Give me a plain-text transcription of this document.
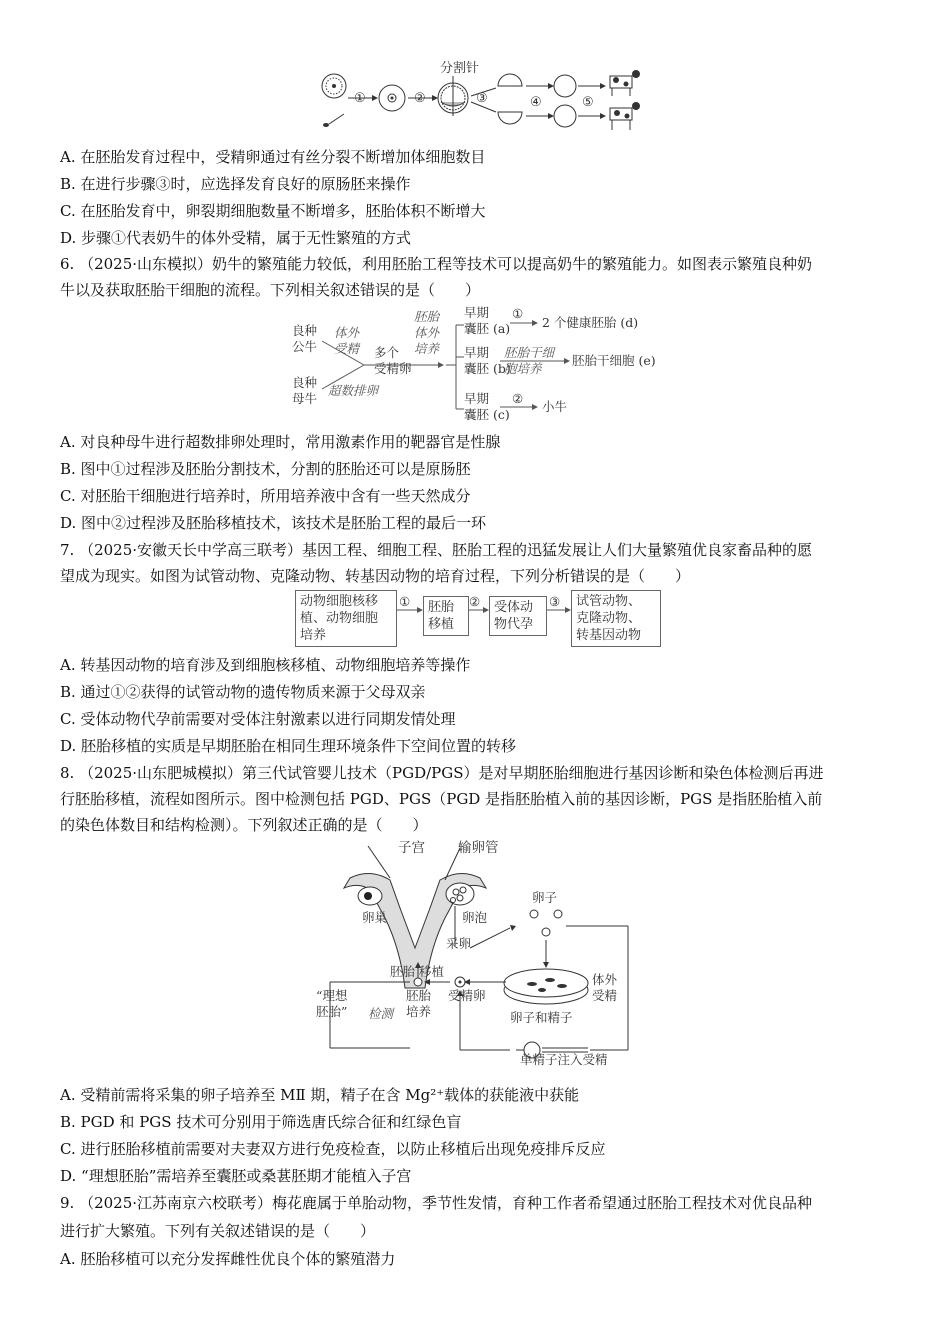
①	②
分割针
③	④	⑤
A. 在胚胎发育过程中，受精卵通过有丝分裂不断增加体细胞数目
B. 在进行步骤③时，应选择发育良好的原肠胚来操作
C. 在胚胎发育中，卵裂期细胞数量不断增多，胚胎体积不断增大
D. 步骤①代表奶牛的体外受精，属于无性繁殖的方式
6. （2025·山东模拟）奶牛的繁殖能力较低，利用胚胎工程等技术可以提高奶牛的繁殖能力。如图表示繁殖良种奶
牛以及获取胚胎干细胞的流程。下列相关叙述错误的是（　　）
良种
公牛
良种
母牛
体外
受精
超数排卵
多个
受精卵
胚胎
体外
培养
早期
囊胚 (a)
早期
囊胚 (b)
早期
囊胚 (c)
①
2 个健康胚胎 (d)
胚胎干细
胞培养
胚胎干细胞 (e)
②
小牛
A. 对良种母牛进行超数排卵处理时，常用激素作用的靶器官是性腺
B. 图中①过程涉及胚胎分割技术，分割的胚胎还可以是原肠胚
C. 对胚胎干细胞进行培养时，所用培养液中含有一些天然成分
D. 图中②过程涉及胚胎移植技术，该技术是胚胎工程的最后一环
7. （2025·安徽天长中学高三联考）基因工程、细胞工程、胚胎工程的迅猛发展让人们大量繁殖优良家畜品种的愿
望成为现实。如图为试管动物、克隆动物、转基因动物的培育过程，下列分析错误的是（　　）
动物细胞核移
植、动物细胞
培养
①	胚胎
移植
②	受体动
物代孕
③	试管动物、
克隆动物、
转基因动物
A. 转基因动物的培育涉及到细胞核移植、动物细胞培养等操作
B. 通过①②获得的试管动物的遗传物质来源于父母双亲
C. 受体动物代孕前需要对受体注射激素以进行同期发情处理
D. 胚胎移植的实质是早期胚胎在相同生理环境条件下空间位置的转移
8. （2025·山东肥城模拟）第三代试管婴儿技术（PGD/PGS）是对早期胚胎细胞进行基因诊断和染色体检测后再进
行胚胎移植，流程如图所示。图中检测包括 PGD、PGS（PGD 是指胚胎植入前的基因诊断，PGS 是指胚胎植入前
的染色体数目和结构检测）。下列叙述正确的是（　　）
子宫 输卵管
卵巢	卵泡
卵子
采卵
体外
受精
卵子和精子
胚胎 移植
“理想
胚胎” 检测
胚胎
培养
受精卵
单精子注入受精
A. 受精前需将采集的卵子培养至 MⅡ 期，精子在含 Mg²⁺载体的获能液中获能
B. PGD 和 PGS 技术可分别用于筛选唐氏综合征和红绿色盲
C. 进行胚胎移植前需要对夫妻双方进行免疫检查，以防止移植后出现免疫排斥反应
D. “理想胚胎”需培养至囊胚或桑葚胚期才能植入子宫
9. （2025·江苏南京六校联考）梅花鹿属于单胎动物，季节性发情，育种工作者希望通过胚胎工程技术对优良品种
进行扩大繁殖。下列有关叙述错误的是（　　）
A. 胚胎移植可以充分发挥雌性优良个体的繁殖潜力
